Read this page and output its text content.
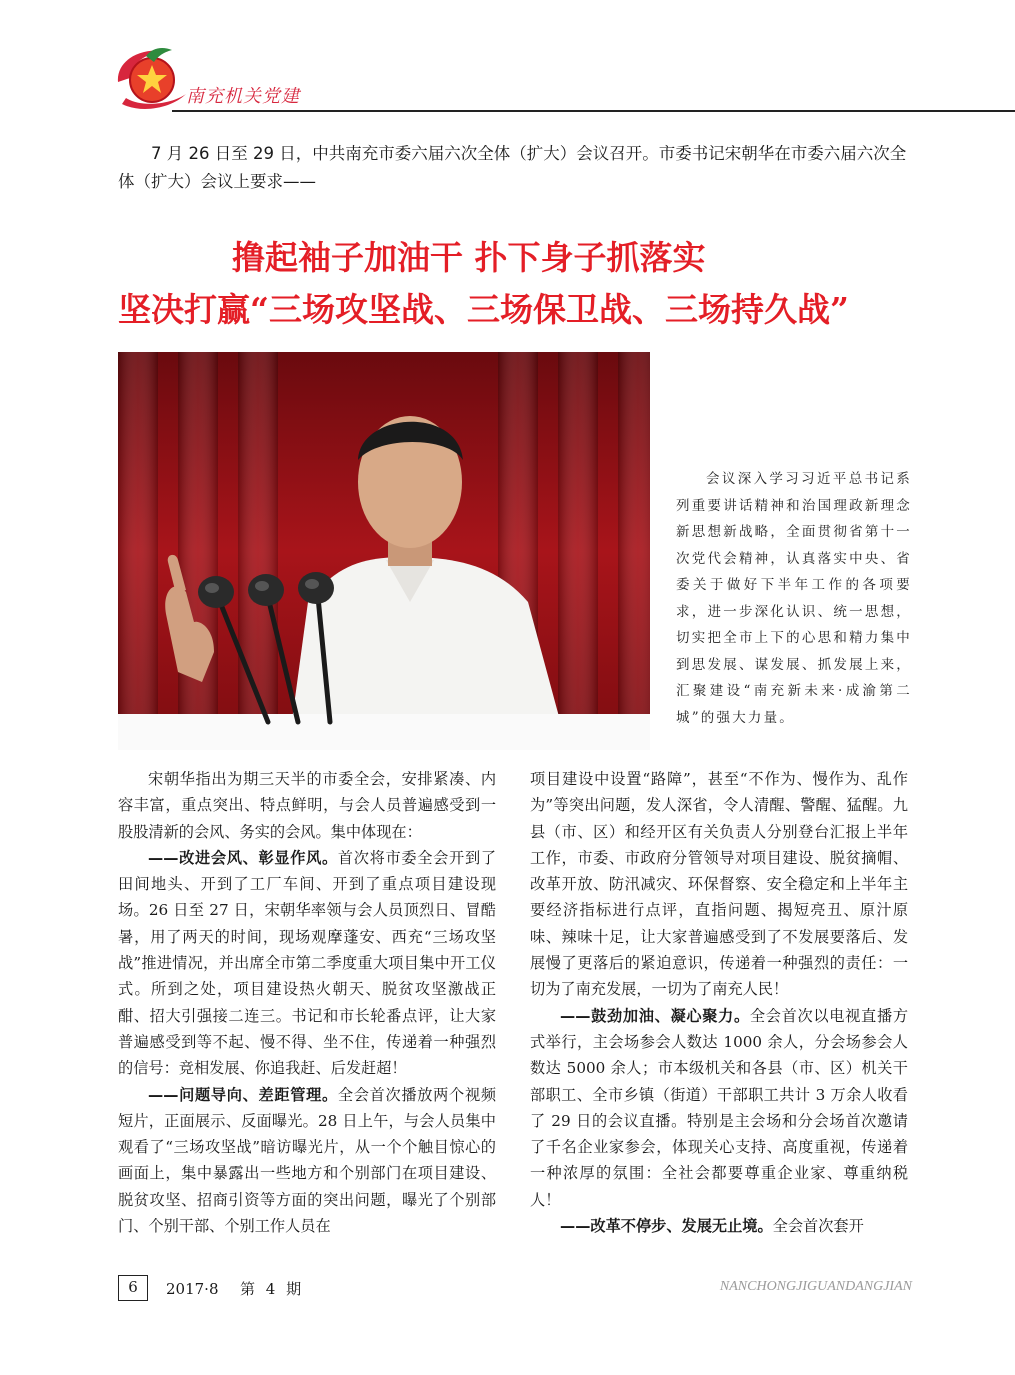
南充机关党建

7 月 26 日至 29 日，中共南充市委六届六次全体（扩大）会议召开。市委书记宋朝华在市委六届六次全体（扩大）会议上要求——

撸起袖子加油干 扑下身子抓落实
坚决打赢“三场攻坚战、三场保卫战、三场持久战”

会议深入学习习近平总书记系列重要讲话精神和治国理政新理念新思想新战略，全面贯彻省第十一次党代会精神，认真落实中央、省委关于做好下半年工作的各项要求，进一步深化认识、统一思想，切实把全市上下的心思和精力集中到思发展、谋发展、抓发展上来，汇聚建设“南充新未来·成渝第二城”的强大力量。

宋朝华指出为期三天半的市委全会，安排紧凑、内容丰富，重点突出、特点鲜明，与会人员普遍感受到一股股清新的会风、务实的会风。集中体现在：

——改进会风、彰显作风。首次将市委全会开到了田间地头、开到了工厂车间、开到了重点项目建设现场。26 日至 27 日，宋朝华率领与会人员顶烈日、冒酷暑，用了两天的时间，现场观摩蓬安、西充“三场攻坚战”推进情况，并出席全市第二季度重大项目集中开工仪式。所到之处，项目建设热火朝天、脱贫攻坚激战正酣、招大引强接二连三。书记和市长轮番点评，让大家普遍感受到等不起、慢不得、坐不住，传递着一种强烈的信号：竞相发展、你追我赶、后发赶超！

——问题导向、差距管理。全会首次播放两个视频短片，正面展示、反面曝光。28 日上午，与会人员集中观看了“三场攻坚战”暗访曝光片，从一个个触目惊心的画面上，集中暴露出一些地方和个别部门在项目建设、脱贫攻坚、招商引资等方面的突出问题，曝光了个别部门、个别干部、个别工作人员在

项目建设中设置“路障”，甚至“不作为、慢作为、乱作为”等突出问题，发人深省，令人清醒、警醒、猛醒。九县（市、区）和经开区有关负责人分别登台汇报上半年工作，市委、市政府分管领导对项目建设、脱贫摘帽、改革开放、防汛减灾、环保督察、安全稳定和上半年主要经济指标进行点评，直指问题、揭短亮丑、原汁原味、辣味十足，让大家普遍感受到了不发展要落后、发展慢了更落后的紧迫意识，传递着一种强烈的责任：一切为了南充发展，一切为了南充人民！

——鼓劲加油、凝心聚力。全会首次以电视直播方式举行，主会场参会人数达 1000 余人，分会场参会人数达 5000 余人；市本级机关和各县（市、区）机关干部职工、全市乡镇（街道）干部职工共计 3 万余人收看了 29 日的会议直播。特别是主会场和分会场首次邀请了千名企业家参会，体现关心支持、高度重视，传递着一种浓厚的氛围：全社会都要尊重企业家、尊重纳税人！

——改革不停步、发展无止境。全会首次套开

6	2017·8  第 4 期	NANCHONGJIGUANDANGJIAN
